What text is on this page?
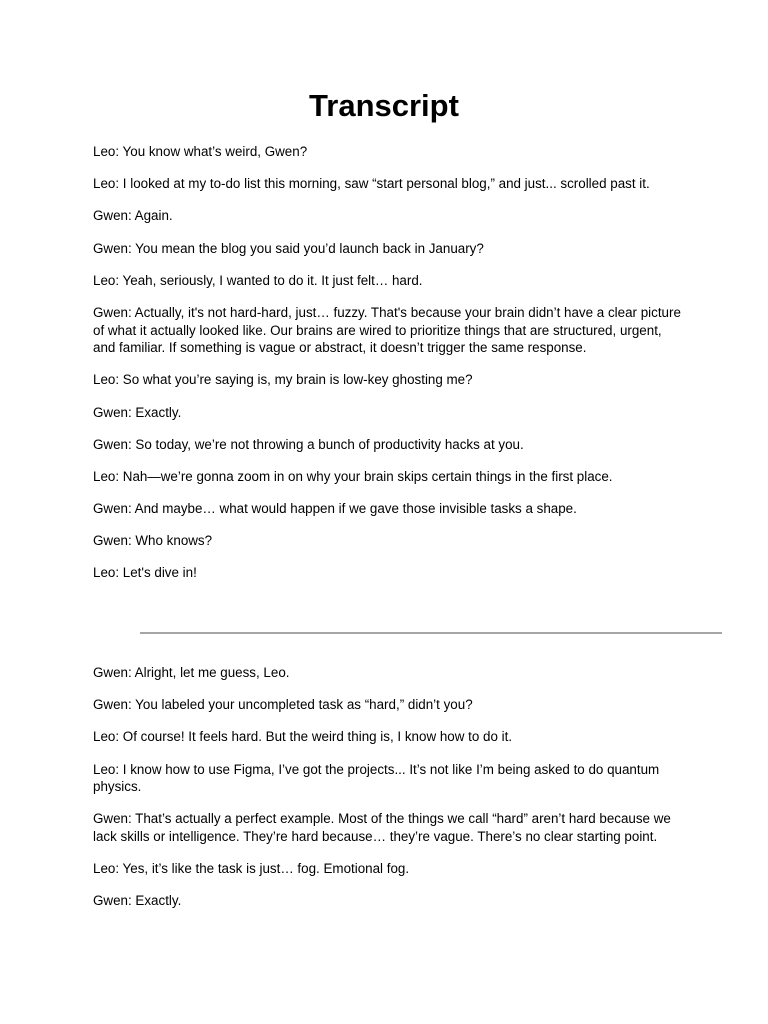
Transcript

Leo: You know what’s weird, Gwen?

Leo: I looked at my to-do list this morning, saw “start personal blog,” and just... scrolled past it.

Gwen: Again.

Gwen: You mean the blog you said you’d launch back in January?

Leo: Yeah, seriously, I wanted to do it. It just felt… hard.

Gwen: Actually, it's not hard-hard, just… fuzzy. That's because your brain didn’t have a clear picture of what it actually looked like. Our brains are wired to prioritize things that are structured, urgent, and familiar. If something is vague or abstract, it doesn’t trigger the same response.

Leo: So what you’re saying is, my brain is low-key ghosting me?

Gwen: Exactly.

Gwen: So today, we’re not throwing a bunch of productivity hacks at you.

Leo: Nah—we’re gonna zoom in on why your brain skips certain things in the first place.

Gwen: And maybe… what would happen if we gave those invisible tasks a shape.

Gwen: Who knows?

Leo: Let's dive in!

Gwen: Alright, let me guess, Leo.

Gwen: You labeled your uncompleted task as “hard,” didn’t you?

Leo: Of course! It feels hard. But the weird thing is, I know how to do it.

Leo: I know how to use Figma, I’ve got the projects... It’s not like I’m being asked to do quantum physics.

Gwen: That’s actually a perfect example. Most of the things we call “hard” aren’t hard because we lack skills or intelligence. They’re hard because… they’re vague. There’s no clear starting point.

Leo: Yes, it’s like the task is just… fog. Emotional fog.

Gwen: Exactly.
